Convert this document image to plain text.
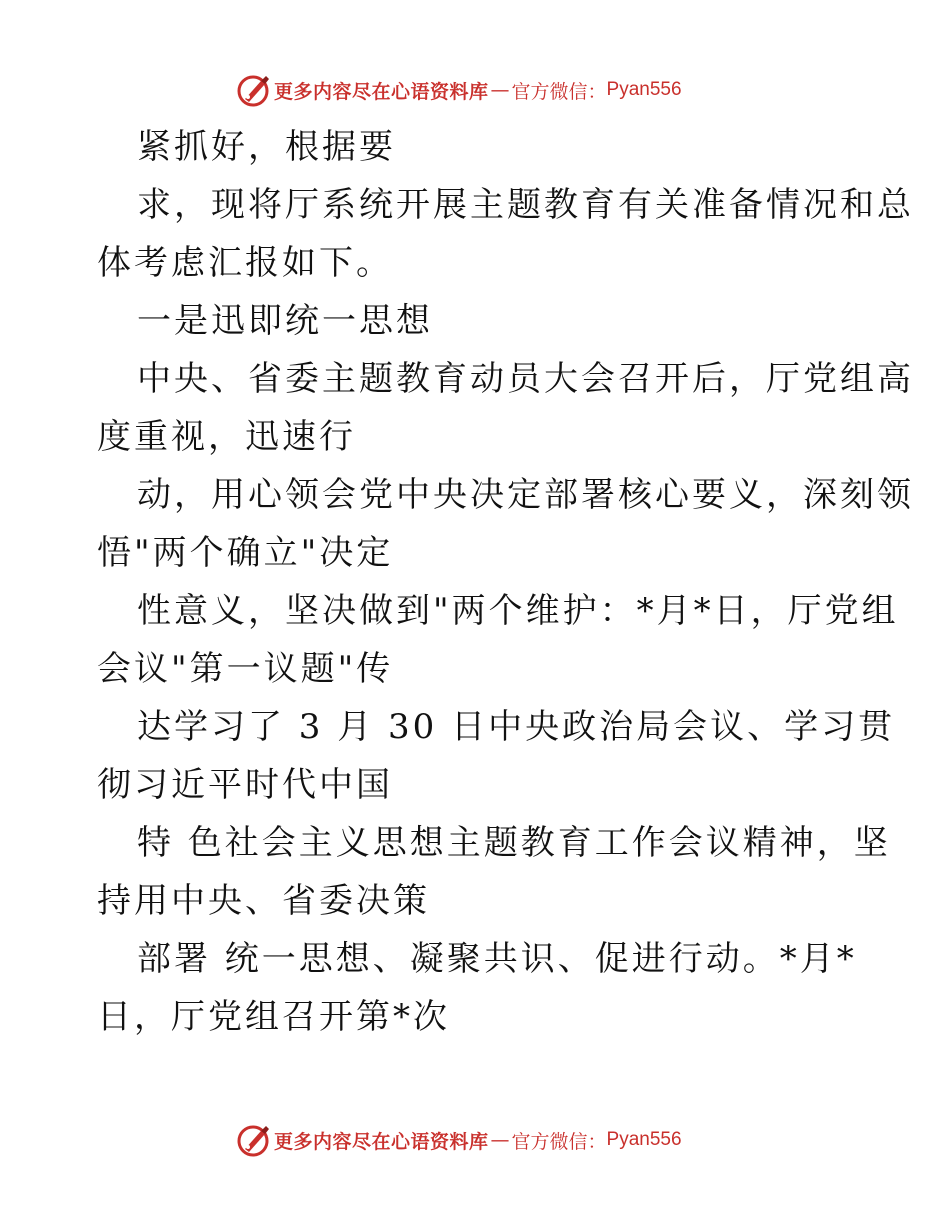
更多内容尽在心语资料库 — 官方微信： Pyan556
紧抓好，根据要
求，现将厅系统开展主题教育有关准备情况和总
体考虑汇报如下。
一是迅即统一思想
中央、省委主题教育动员大会召开后，厅党组高
度重视，迅速行
动，用心领会党中央决定部署核心要义，深刻领
悟"两个确立"决定
性意义，坚决做到"两个维护：*月*日，厅党组
会议"第一议题"传
达学习了 3 月 30 日中央政治局会议、学习贯
彻习近平时代中国
特 色社会主义思想主题教育工作会议精神，坚
持用中央、省委决策
部署 统一思想、凝聚共识、促进行动。*月*
日，厅党组召开第*次
更多内容尽在心语资料库 — 官方微信： Pyan556
